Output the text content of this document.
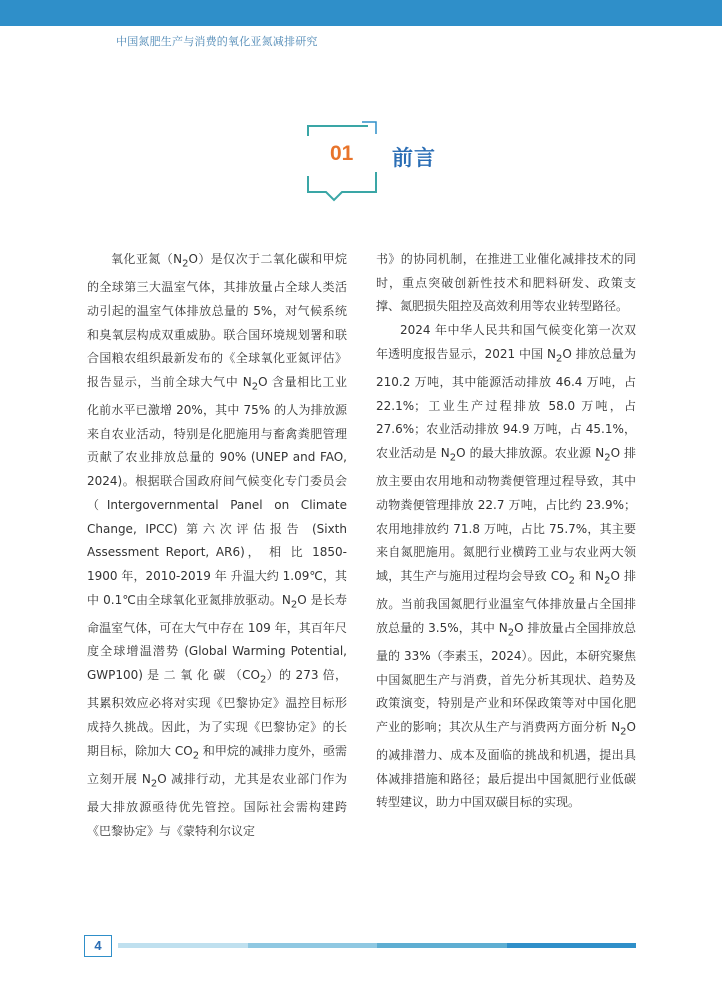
中国氮肥生产与消费的氧化亚氮减排研究
01 前言

氧化亚氮$(N_2O)$是仅次于二氧化碳和甲烷的全球第三大温室气体，其排放量占全球人类活动引起的温室气体排放总量的 5%，对气候系统和臭氧层构成双重威胁。联合国环境规划署和联合国粮农组织最新发布的《全球氧化亚氮评估》报告显示，当前全球大气中 $N_2O$ 含量相比工业化前水平已激增 20%，其中 75% 的人为排放源来自农业活动，特别是化肥施用与畜禽粪肥管理贡献了农业排放总量的 90% (UNEP and FAO, 2024)。根据联合国政府间气候变化专门委员会（Intergovernmental Panel on Climate Change, IPCC) 第六次评估报告 (Sixth Assessment Report, AR6)， 相 比 1850-1900 年，2010-2019 年 升温大约 1.09℃，其中 0.1℃由全球氧化亚氮排放驱动。$N_2O$ 是长寿命温室气体，可在大气中存在 109 年，其百年尺度全球增温潜势 (Global Warming Potential, GWP100) 是 二 氧 化 碳 $(CO_2)$的 273 倍，其累积效应必将对实现《巴黎协定》温控目标形成持久挑战。因此，为了实现《巴黎协定》的长期目标，除加大 $CO_2$ 和甲烷的减排力度外，亟需立刻开展 $N_2O$ 减排行动，尤其是农业部门作为最大排放源亟待优先管控。国际社会需构建跨《巴黎协定》与《蒙特利尔议定

书》的协同机制，在推进工业催化减排技术的同时，重点突破创新性技术和肥料研发、政策支撑、氮肥损失阻控及高效利用等农业转型路径。

2024 年中华人民共和国气候变化第一次双年透明度报告显示，2021 中国 $N_2O$ 排放总量为 210.2 万吨，其中能源活动排放 46.4 万吨，占 22.1%；工业生产过程排放 58.0 万吨，占 27.6%；农业活动排放 94.9 万吨，占 45.1%，农业活动是 $N_2O$ 的最大排放源。农业源 $N_2O$ 排放主要由农用地和动物粪便管理过程导致，其中动物粪便管理排放 22.7 万吨，占比约 23.9%；农用地排放约 71.8 万吨，占比 75.7%，其主要来自氮肥施用。氮肥行业横跨工业与农业两大领域，其生产与施用过程均会导致 $CO_2$ 和 $N_2O$ 排放。当前我国氮肥行业温室气体排放量占全国排放总量的 3.5%，其中 $N_2O$ 排放量占全国排放总量的 33%（李素玉，2024）。因此，本研究聚焦中国氮肥生产与消费，首先分析其现状、趋势及政策演变，特别是产业和环保政策等对中国化肥产业的影响；其次从生产与消费两方面分析 $N_2O$ 的减排潜力、成本及面临的挑战和机遇，提出具体减排措施和路径；最后提出中国氮肥行业低碳转型建议，助力中国双碳目标的实现。

4
